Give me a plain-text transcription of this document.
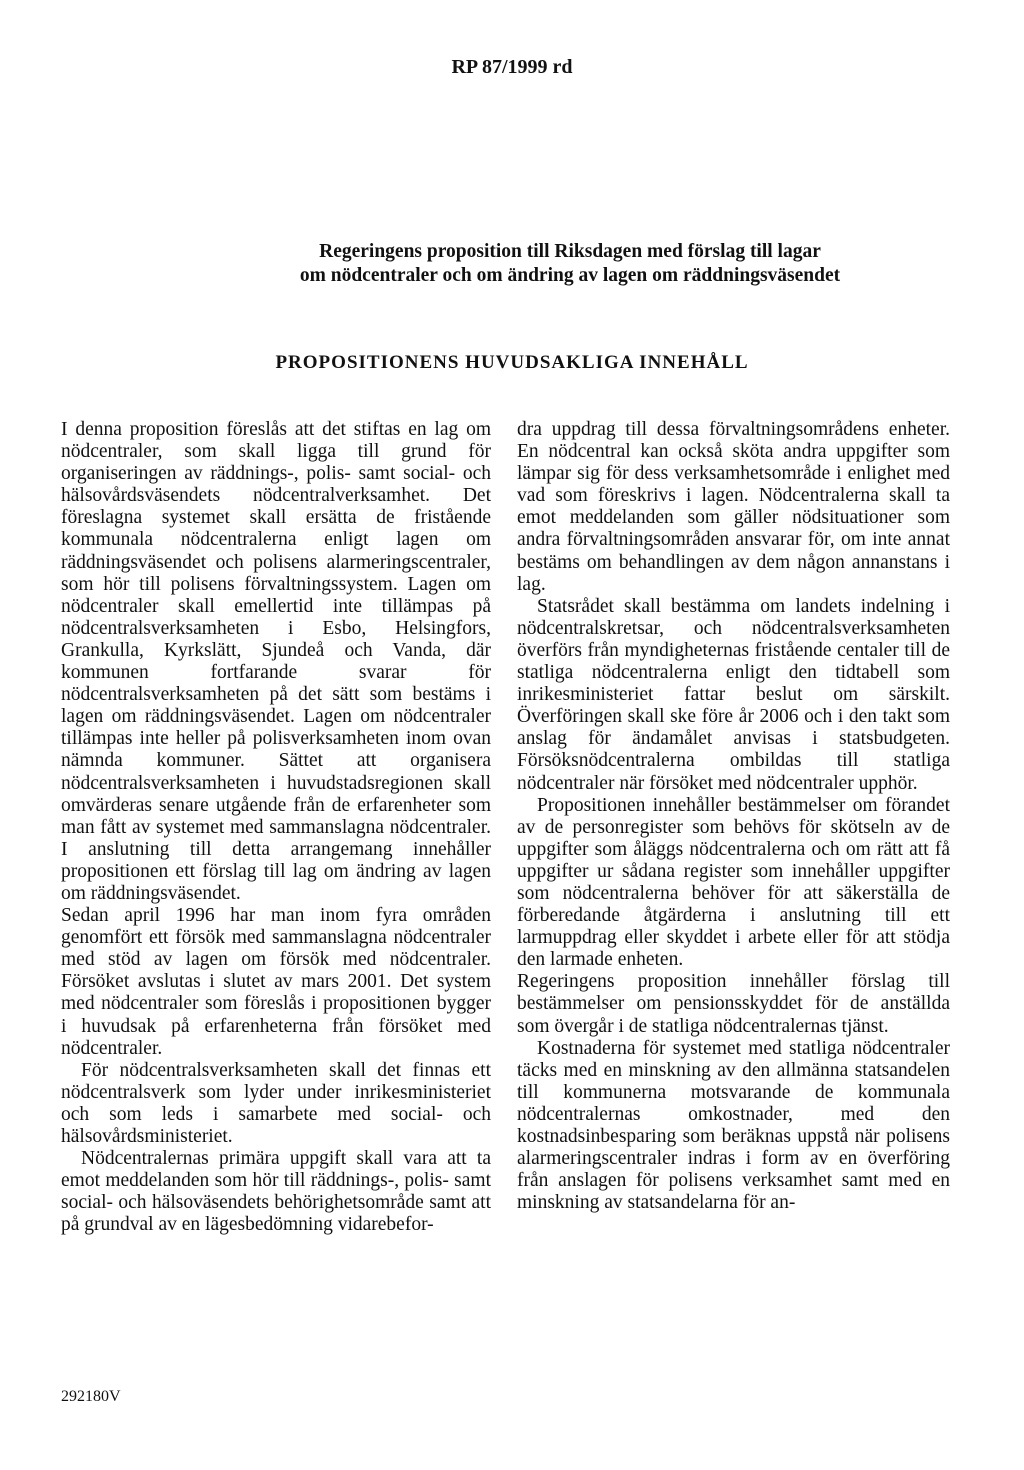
RP 87/1999 rd
Regeringens proposition till Riksdagen med förslag till lagar
om nödcentraler och om ändring av lagen om räddningsväsendet
PROPOSITIONENS HUVUDSAKLIGA INNEHÅLL

I denna proposition föreslås att det stiftas en lag om nödcentraler, som skall ligga till grund för organiseringen av räddnings-, polis- samt social- och hälsovårdsväsendets nödcentralverksamhet. Det föreslagna systemet skall ersätta de fristående kommunala nödcentralerna enligt lagen om räddningsväsendet och polisens alarmeringscentraler, som hör till polisens förvaltningssystem. Lagen om nödcentraler skall emellertid inte tillämpas på nödcentralsverksamheten i Esbo, Helsingfors, Grankulla, Kyrkslätt, Sjundeå och Vanda, där kommunen fortfarande svarar för nödcentralsverksamheten på det sätt som bestäms i lagen om räddningsväsendet. Lagen om nödcentraler tillämpas inte heller på polisverksamheten inom ovan nämnda kommuner. Sättet att organisera nödcentralsverksamheten i huvudstadsregionen skall omvärderas senare utgående från de erfarenheter som man fått av systemet med sammanslagna nödcentraler. I anslutning till detta arrangemang innehåller propositionen ett förslag till lag om ändring av lagen om räddningsväsendet.

Sedan april 1996 har man inom fyra områden genomfört ett försök med sammanslagna nödcentraler med stöd av lagen om försök med nödcentraler. Försöket avslutas i slutet av mars 2001. Det system med nödcentraler som föreslås i propositionen bygger i huvudsak på erfarenheterna från försöket med nödcentraler.

För nödcentralsverksamheten skall det finnas ett nödcentralsverk som lyder under inrikesministeriet och som leds i samarbete med social- och hälsovårdsministeriet.

Nödcentralernas primära uppgift skall vara att ta emot meddelanden som hör till räddnings-, polis- samt social- och hälsoväsendets behörighetsområde samt att på grundval av en lägesbedömning vidarebefor-

dra uppdrag till dessa förvaltningsområdens enheter. En nödcentral kan också sköta andra uppgifter som lämpar sig för dess verksamhetsområde i enlighet med vad som föreskrivs i lagen. Nödcentralerna skall ta emot meddelanden som gäller nödsituationer som andra förvaltningsområden ansvarar för, om inte annat bestäms om behandlingen av dem någon annanstans i lag.

Statsrådet skall bestämma om landets indelning i nödcentralskretsar, och nödcentralsverksamheten överförs från myndigheternas fristående centaler till de statliga nödcentralerna enligt den tidtabell som inrikesministeriet fattar beslut om särskilt. Överföringen skall ske före år 2006 och i den takt som anslag för ändamålet anvisas i statsbudgeten. Försöksnödcentralerna ombildas till statliga nödcentraler när försöket med nödcentraler upphör.

Propositionen innehåller bestämmelser om förandet av de personregister som behövs för skötseln av de uppgifter som åläggs nödcentralerna och om rätt att få uppgifter ur sådana register som innehåller uppgifter som nödcentralerna behöver för att säkerställa de förberedande åtgärderna i anslutning till ett larmuppdrag eller skyddet i arbete eller för att stödja den larmade enheten.

Regeringens proposition innehåller förslag till bestämmelser om pensionsskyddet för de anställda som övergår i de statliga nödcentralernas tjänst.

Kostnaderna för systemet med statliga nödcentraler täcks med en minskning av den allmänna statsandelen till kommunerna motsvarande de kommunala nödcentralernas omkostnader, med den kostnadsinbesparing som beräknas uppstå när polisens alarmeringscentraler indras i form av en överföring från anslagen för polisens verksamhet samt med en minskning av statsandelarna för an-

292180V
